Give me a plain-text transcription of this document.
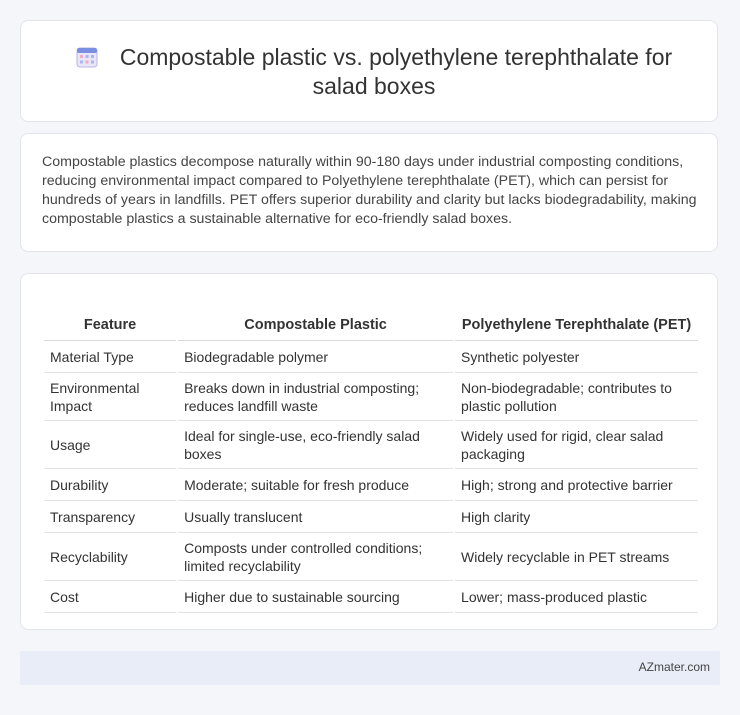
Compostable plastic vs. polyethylene terephthalate for salad boxes

Compostable plastics decompose naturally within 90-180 days under industrial composting conditions, reducing environmental impact compared to Polyethylene terephthalate (PET), which can persist for hundreds of years in landfills. PET offers superior durability and clarity but lacks biodegradability, making compostable plastics a sustainable alternative for eco-friendly salad boxes.

Feature	Compostable Plastic	Polyethylene Terephthalate (PET)
Material Type	Biodegradable polymer	Synthetic polyester
Environmental Impact	Breaks down in industrial composting; reduces landfill waste	Non-biodegradable; contributes to plastic pollution
Usage	Ideal for single-use, eco-friendly salad boxes	Widely used for rigid, clear salad packaging
Durability	Moderate; suitable for fresh produce	High; strong and protective barrier
Transparency	Usually translucent	High clarity
Recyclability	Composts under controlled conditions; limited recyclability	Widely recyclable in PET streams
Cost	Higher due to sustainable sourcing	Lower; mass-produced plastic
AZmater.com
